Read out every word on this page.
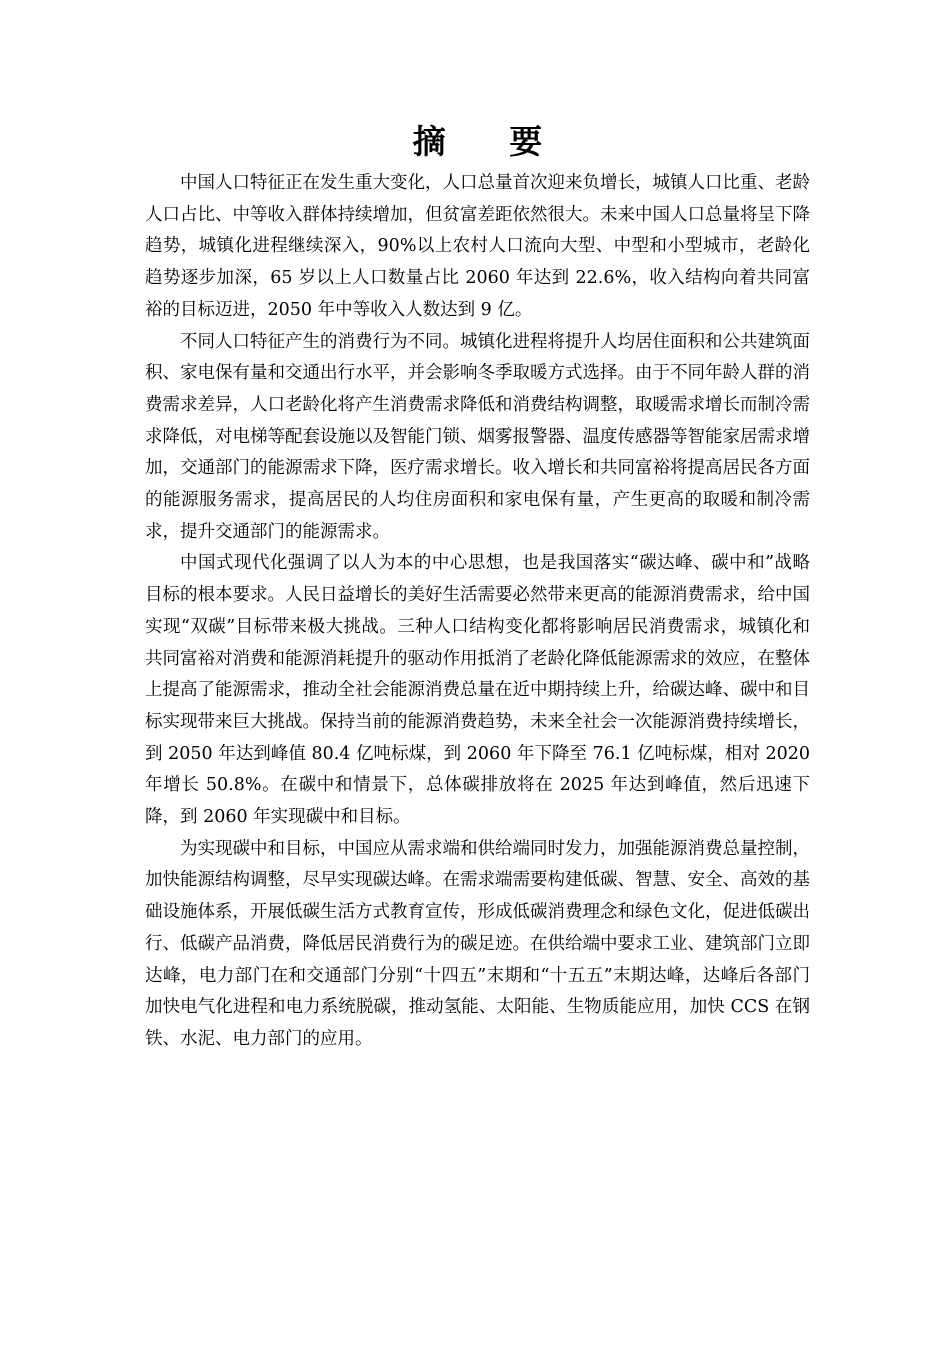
摘 要

中国人口特征正在发生重大变化，人口总量首次迎来负增长，城镇人口比重、老龄人口占比、中等收入群体持续增加，但贫富差距依然很大。未来中国人口总量将呈下降趋势，城镇化进程继续深入，90%以上农村人口流向大型、中型和小型城市，老龄化趋势逐步加深，65 岁以上人口数量占比 2060 年达到 22.6%，收入结构向着共同富裕的目标迈进，2050 年中等收入人数达到 9 亿。

不同人口特征产生的消费行为不同。城镇化进程将提升人均居住面积和公共建筑面积、家电保有量和交通出行水平，并会影响冬季取暖方式选择。由于不同年龄人群的消费需求差异，人口老龄化将产生消费需求降低和消费结构调整，取暖需求增长而制冷需求降低，对电梯等配套设施以及智能门锁、烟雾报警器、温度传感器等智能家居需求增加，交通部门的能源需求下降，医疗需求增长。收入增长和共同富裕将提高居民各方面的能源服务需求，提高居民的人均住房面积和家电保有量，产生更高的取暖和制冷需求，提升交通部门的能源需求。

中国式现代化强调了以人为本的中心思想，也是我国落实“碳达峰、碳中和”战略目标的根本要求。人民日益增长的美好生活需要必然带来更高的能源消费需求，给中国实现“双碳”目标带来极大挑战。三种人口结构变化都将影响居民消费需求，城镇化和共同富裕对消费和能源消耗提升的驱动作用抵消了老龄化降低能源需求的效应，在整体上提高了能源需求，推动全社会能源消费总量在近中期持续上升，给碳达峰、碳中和目标实现带来巨大挑战。保持当前的能源消费趋势，未来全社会一次能源消费持续增长，到 2050 年达到峰值 80.4 亿吨标煤，到 2060 年下降至 76.1 亿吨标煤，相对 2020 年增长 50.8%。在碳中和情景下，总体碳排放将在 2025 年达到峰值，然后迅速下降，到 2060 年实现碳中和目标。

为实现碳中和目标，中国应从需求端和供给端同时发力，加强能源消费总量控制，加快能源结构调整，尽早实现碳达峰。在需求端需要构建低碳、智慧、安全、高效的基础设施体系，开展低碳生活方式教育宣传，形成低碳消费理念和绿色文化，促进低碳出行、低碳产品消费，降低居民消费行为的碳足迹。在供给端中要求工业、建筑部门立即达峰，电力部门在和交通部门分别“十四五”末期和“十五五”末期达峰，达峰后各部门加快电气化进程和电力系统脱碳，推动氢能、太阳能、生物质能应用，加快 CCS 在钢铁、水泥、电力部门的应用。
